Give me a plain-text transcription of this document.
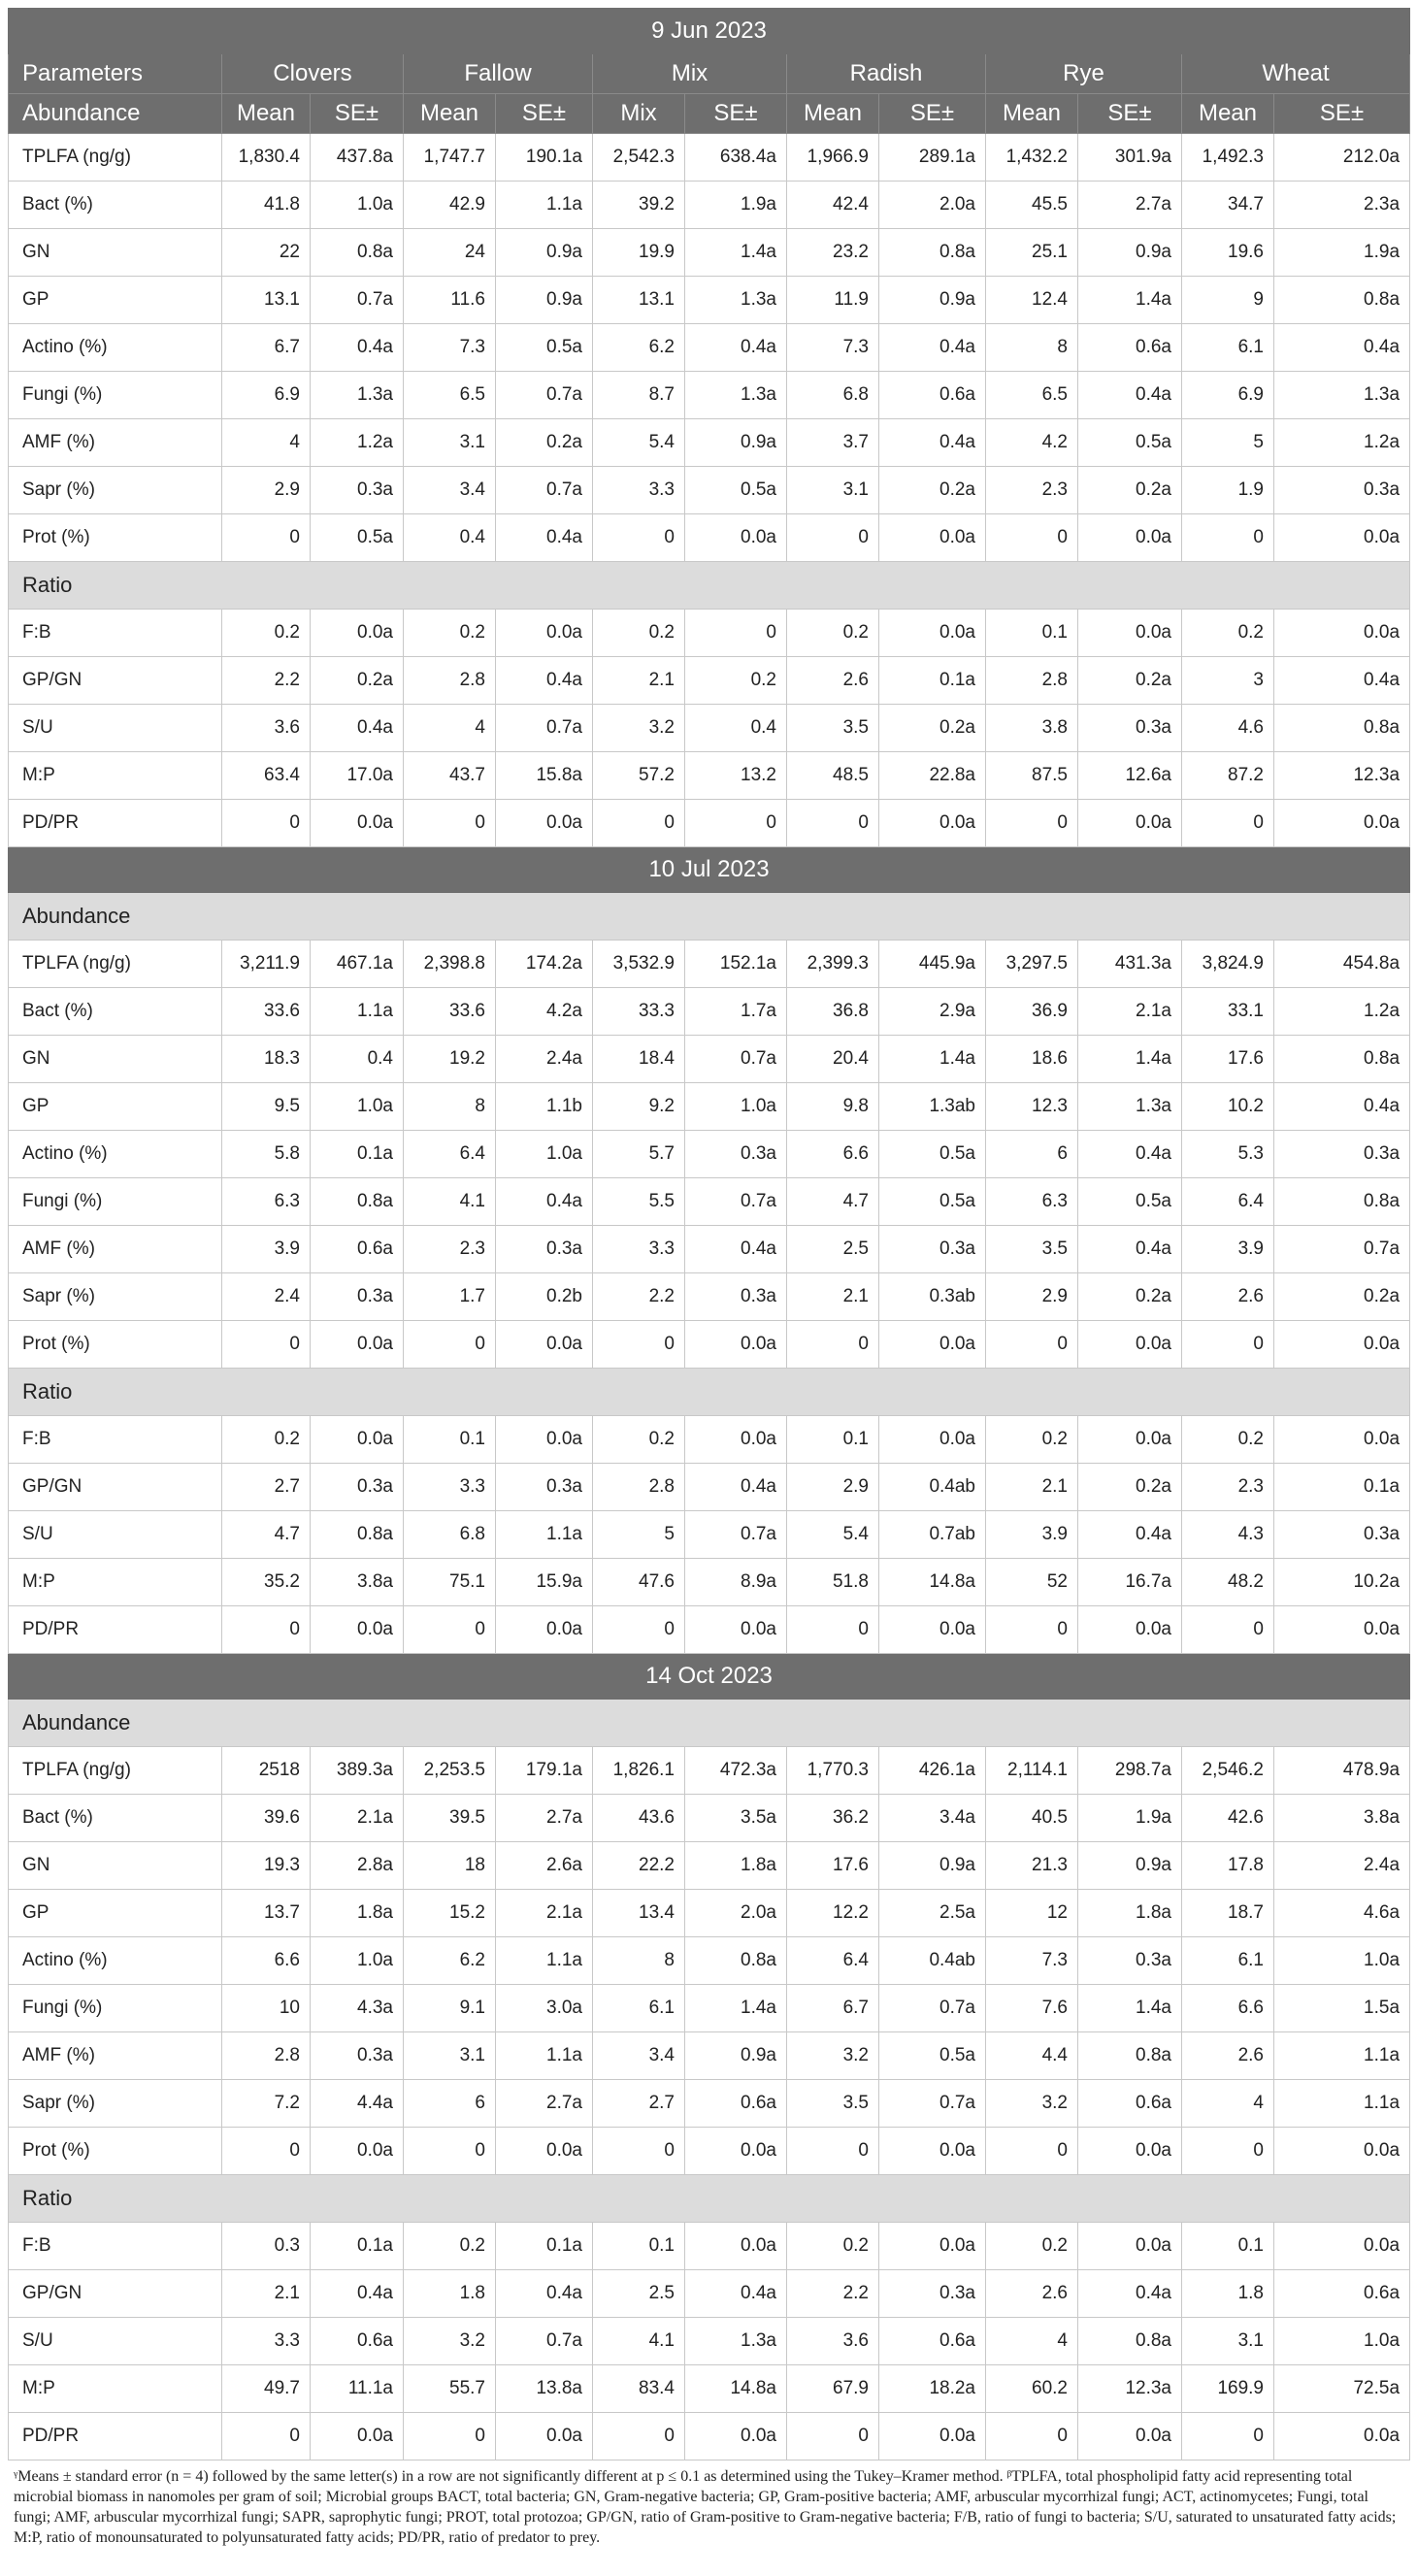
9 Jun 2023												
Parameters	Clovers		Fallow		Mix		Radish		Rye		Wheat	
Abundance	Mean	SE±	Mean	SE±	Mix	SE±	Mean	SE±	Mean	SE±	Mean	SE±
TPLFA (ng/g)	1,830.4	437.8a	1,747.7	190.1a	2,542.3	638.4a	1,966.9	289.1a	1,432.2	301.9a	1,492.3	212.0a
Bact (%)	41.8	1.0a	42.9	1.1a	39.2	1.9a	42.4	2.0a	45.5	2.7a	34.7	2.3a
GN	22	0.8a	24	0.9a	19.9	1.4a	23.2	0.8a	25.1	0.9a	19.6	1.9a
GP	13.1	0.7a	11.6	0.9a	13.1	1.3a	11.9	0.9a	12.4	1.4a	9	0.8a
Actino (%)	6.7	0.4a	7.3	0.5a	6.2	0.4a	7.3	0.4a	8	0.6a	6.1	0.4a
Fungi (%)	6.9	1.3a	6.5	0.7a	8.7	1.3a	6.8	0.6a	6.5	0.4a	6.9	1.3a
AMF (%)	4	1.2a	3.1	0.2a	5.4	0.9a	3.7	0.4a	4.2	0.5a	5	1.2a
Sapr (%)	2.9	0.3a	3.4	0.7a	3.3	0.5a	3.1	0.2a	2.3	0.2a	1.9	0.3a
Prot (%)	0	0.5a	0.4	0.4a	0	0.0a	0	0.0a	0	0.0a	0	0.0a
Ratio												
F:B	0.2	0.0a	0.2	0.0a	0.2	0	0.2	0.0a	0.1	0.0a	0.2	0.0a
GP/GN	2.2	0.2a	2.8	0.4a	2.1	0.2	2.6	0.1a	2.8	0.2a	3	0.4a
S/U	3.6	0.4a	4	0.7a	3.2	0.4	3.5	0.2a	3.8	0.3a	4.6	0.8a
M:P	63.4	17.0a	43.7	15.8a	57.2	13.2	48.5	22.8a	87.5	12.6a	87.2	12.3a
PD/PR	0	0.0a	0	0.0a	0	0	0	0.0a	0	0.0a	0	0.0a
10 Jul 2023												
Abundance												
TPLFA (ng/g)	3,211.9	467.1a	2,398.8	174.2a	3,532.9	152.1a	2,399.3	445.9a	3,297.5	431.3a	3,824.9	454.8a
Bact (%)	33.6	1.1a	33.6	4.2a	33.3	1.7a	36.8	2.9a	36.9	2.1a	33.1	1.2a
GN	18.3	0.4	19.2	2.4a	18.4	0.7a	20.4	1.4a	18.6	1.4a	17.6	0.8a
GP	9.5	1.0a	8	1.1b	9.2	1.0a	9.8	1.3ab	12.3	1.3a	10.2	0.4a
Actino (%)	5.8	0.1a	6.4	1.0a	5.7	0.3a	6.6	0.5a	6	0.4a	5.3	0.3a
Fungi (%)	6.3	0.8a	4.1	0.4a	5.5	0.7a	4.7	0.5a	6.3	0.5a	6.4	0.8a
AMF (%)	3.9	0.6a	2.3	0.3a	3.3	0.4a	2.5	0.3a	3.5	0.4a	3.9	0.7a
Sapr (%)	2.4	0.3a	1.7	0.2b	2.2	0.3a	2.1	0.3ab	2.9	0.2a	2.6	0.2a
Prot (%)	0	0.0a	0	0.0a	0	0.0a	0	0.0a	0	0.0a	0	0.0a
Ratio												
F:B	0.2	0.0a	0.1	0.0a	0.2	0.0a	0.1	0.0a	0.2	0.0a	0.2	0.0a
GP/GN	2.7	0.3a	3.3	0.3a	2.8	0.4a	2.9	0.4ab	2.1	0.2a	2.3	0.1a
S/U	4.7	0.8a	6.8	1.1a	5	0.7a	5.4	0.7ab	3.9	0.4a	4.3	0.3a
M:P	35.2	3.8a	75.1	15.9a	47.6	8.9a	51.8	14.8a	52	16.7a	48.2	10.2a
PD/PR	0	0.0a	0	0.0a	0	0.0a	0	0.0a	0	0.0a	0	0.0a
14 Oct 2023												
Abundance												
TPLFA (ng/g)	2518	389.3a	2,253.5	179.1a	1,826.1	472.3a	1,770.3	426.1a	2,114.1	298.7a	2,546.2	478.9a
Bact (%)	39.6	2.1a	39.5	2.7a	43.6	3.5a	36.2	3.4a	40.5	1.9a	42.6	3.8a
GN	19.3	2.8a	18	2.6a	22.2	1.8a	17.6	0.9a	21.3	0.9a	17.8	2.4a
GP	13.7	1.8a	15.2	2.1a	13.4	2.0a	12.2	2.5a	12	1.8a	18.7	4.6a
Actino (%)	6.6	1.0a	6.2	1.1a	8	0.8a	6.4	0.4ab	7.3	0.3a	6.1	1.0a
Fungi (%)	10	4.3a	9.1	3.0a	6.1	1.4a	6.7	0.7a	7.6	1.4a	6.6	1.5a
AMF (%)	2.8	0.3a	3.1	1.1a	3.4	0.9a	3.2	0.5a	4.4	0.8a	2.6	1.1a
Sapr (%)	7.2	4.4a	6	2.7a	2.7	0.6a	3.5	0.7a	3.2	0.6a	4	1.1a
Prot (%)	0	0.0a	0	0.0a	0	0.0a	0	0.0a	0	0.0a	0	0.0a
Ratio												
F:B	0.3	0.1a	0.2	0.1a	0.1	0.0a	0.2	0.0a	0.2	0.0a	0.1	0.0a
GP/GN	2.1	0.4a	1.8	0.4a	2.5	0.4a	2.2	0.3a	2.6	0.4a	1.8	0.6a
S/U	3.3	0.6a	3.2	0.7a	4.1	1.3a	3.6	0.6a	4	0.8a	3.1	1.0a
M:P	49.7	11.1a	55.7	13.8a	83.4	14.8a	67.9	18.2a	60.2	12.3a	169.9	72.5a
PD/PR	0	0.0a	0	0.0a	0	0.0a	0	0.0a	0	0.0a	0	0.0a
ᵞMeans ± standard error (n = 4) followed by the same letter(s) in a row are not significantly different at p ≤ 0.1 as determined using the Tukey–Kramer method. ᵝTPLFA, total phospholipid fatty acid representing total microbial biomass in nanomoles per gram of soil; Microbial groups BACT, total bacteria; GN, Gram-negative bacteria; GP, Gram-positive bacteria; AMF, arbuscular mycorrhizal fungi; ACT, actinomycetes; Fungi, total fungi; AMF, arbuscular mycorrhizal fungi; SAPR, saprophytic fungi; PROT, total protozoa; GP/GN, ratio of Gram-positive to Gram-negative bacteria; F/B, ratio of fungi to bacteria; S/U, saturated to unsaturated fatty acids; M:P, ratio of monounsaturated to polyunsaturated fatty acids; PD/PR, ratio of predator to prey.
